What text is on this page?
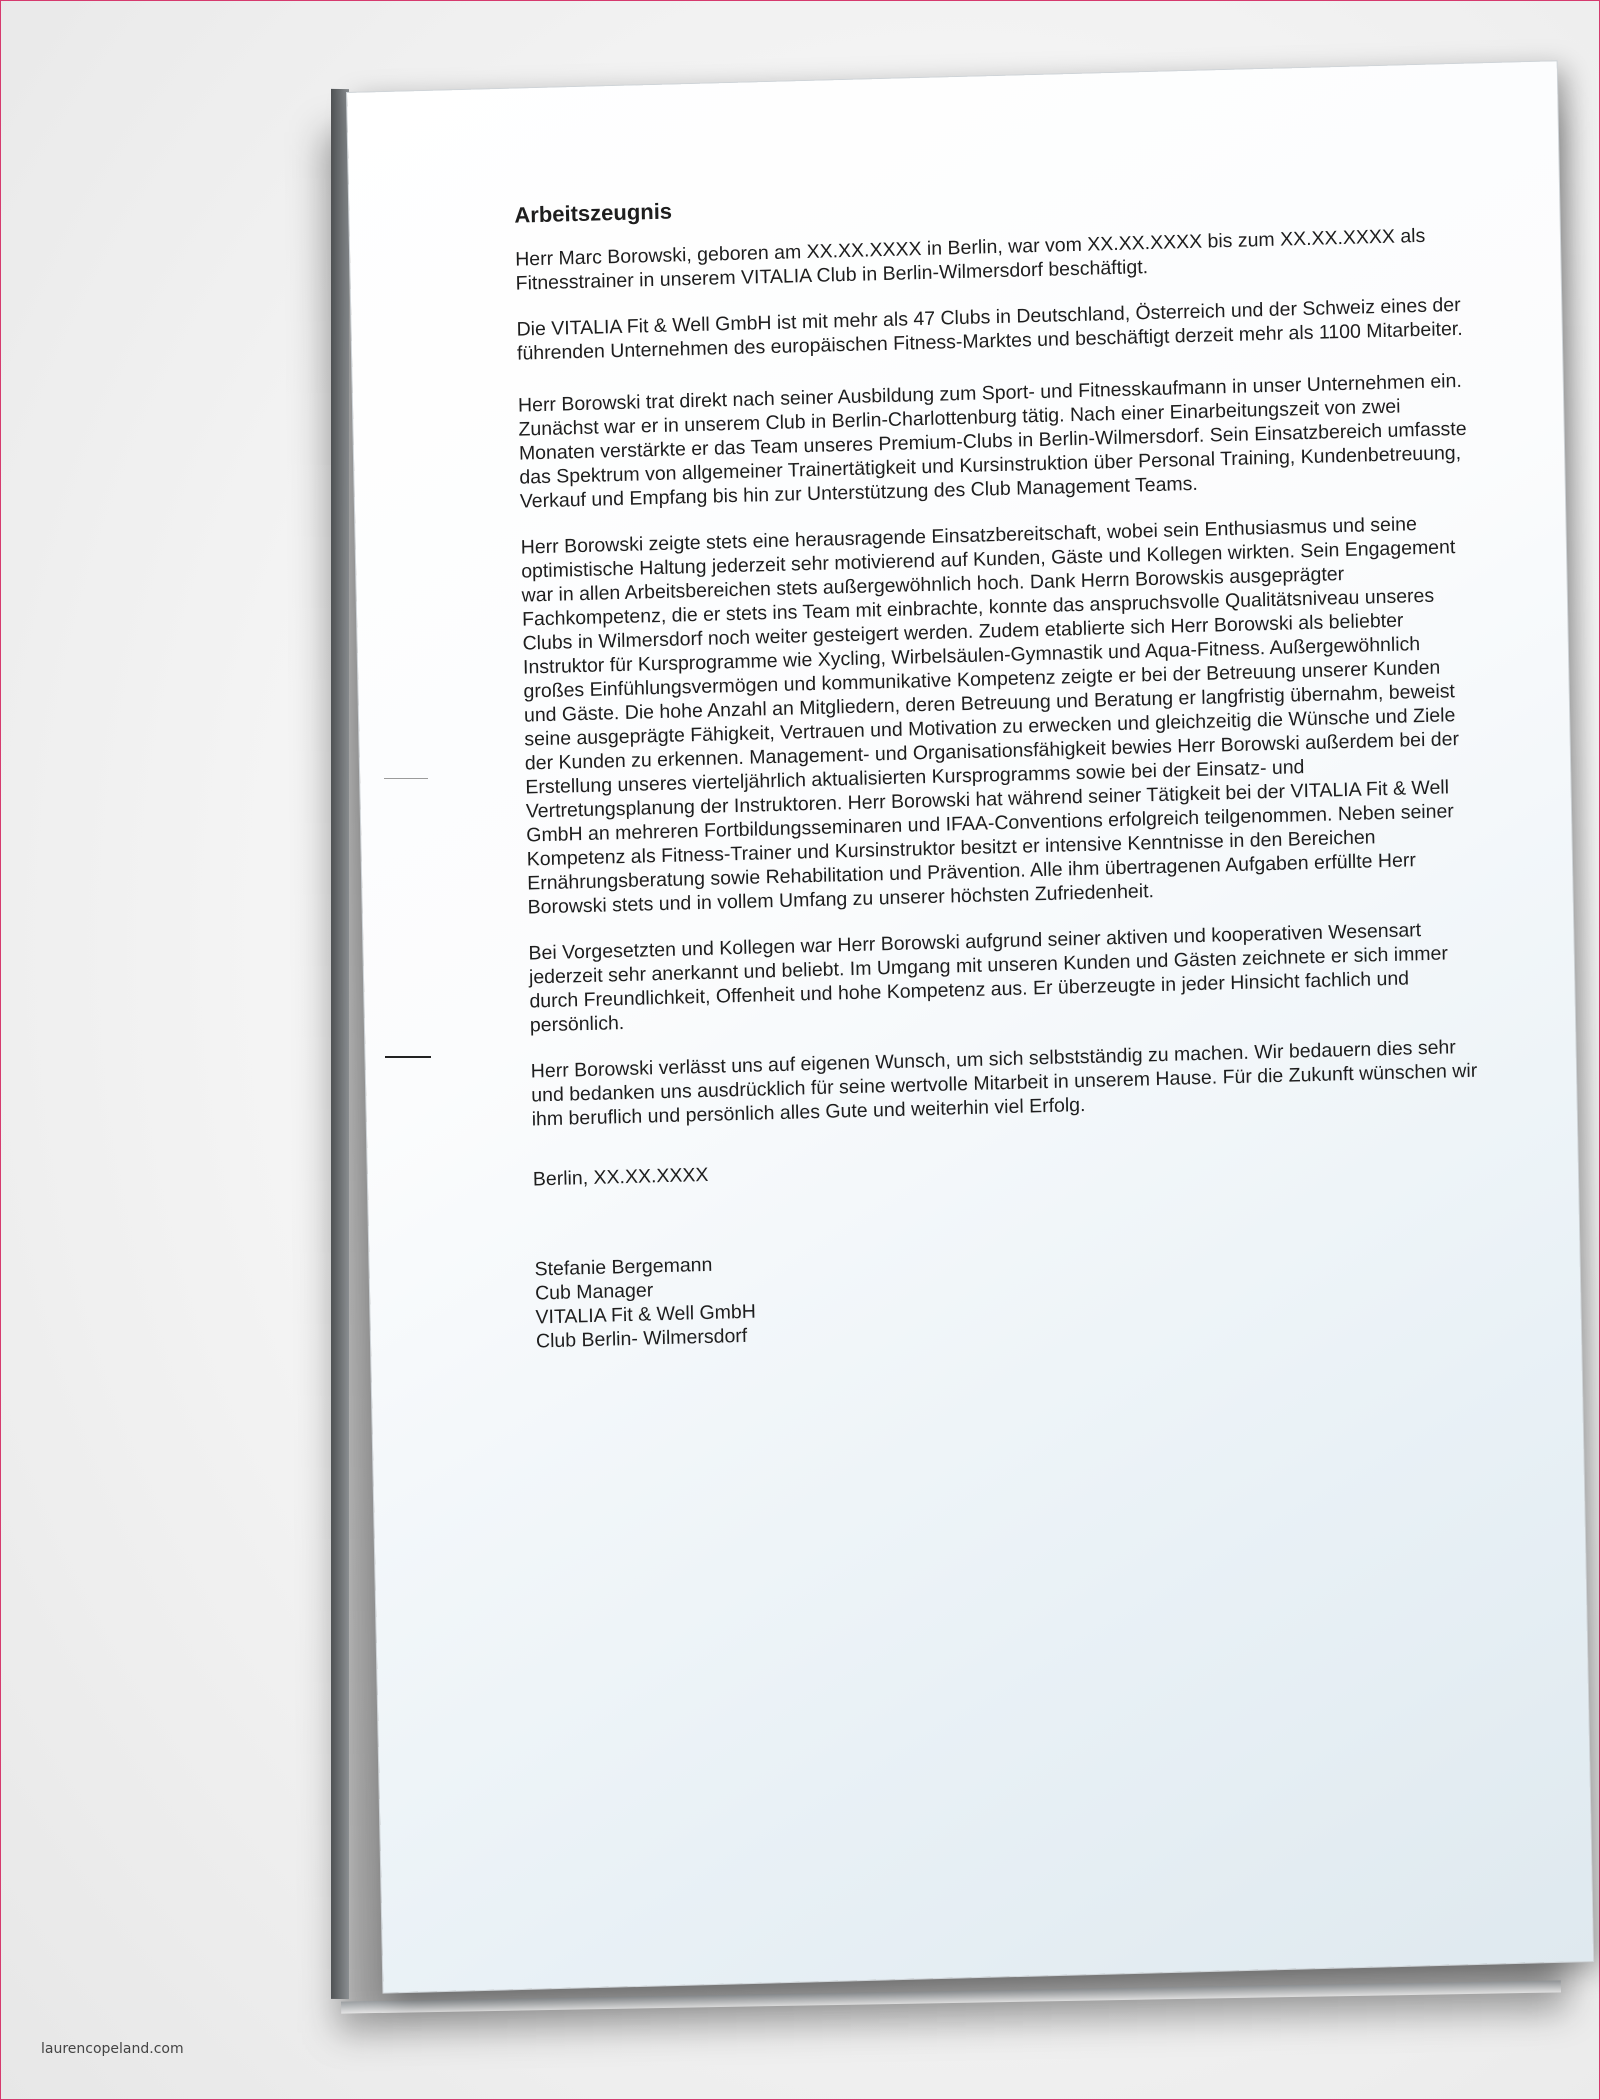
Arbeitszeugnis

Herr Marc Borowski, geboren am XX.XX.XXXX in Berlin, war vom XX.XX.XXXX bis zum XX.XX.XXXX als Fitnesstrainer in unserem VITALIA Club in Berlin-Wilmersdorf beschäftigt.

Die VITALIA Fit & Well GmbH ist mit mehr als 47 Clubs in Deutschland, Österreich und der Schweiz eines der führenden Unternehmen des europäischen Fitness-Marktes und beschäftigt derzeit mehr als 1100 Mitarbeiter.

Herr Borowski trat direkt nach seiner Ausbildung zum Sport- und Fitnesskaufmann in unser Unternehmen ein. Zunächst war er in unserem Club in Berlin-Charlottenburg tätig. Nach einer Einarbeitungszeit von zwei Monaten verstärkte er das Team unseres Premium-Clubs in Berlin-Wilmersdorf. Sein Einsatzbereich umfasste das Spektrum von allgemeiner Trainertätigkeit und Kursinstruktion über Personal Training, Kundenbetreuung, Verkauf und Empfang bis hin zur Unterstützung des Club Management Teams.

Herr Borowski zeigte stets eine herausragende Einsatzbereitschaft, wobei sein Enthusiasmus und seine optimistische Haltung jederzeit sehr motivierend auf Kunden, Gäste und Kollegen wirkten. Sein Engagement war in allen Arbeitsbereichen stets außergewöhnlich hoch. Dank Herrn Borowskis ausgeprägter Fachkompetenz, die er stets ins Team mit einbrachte, konnte das anspruchsvolle Qualitätsniveau unseres Clubs in Wilmersdorf noch weiter gesteigert werden. Zudem etablierte sich Herr Borowski als beliebter Instruktor für Kursprogramme wie Xycling, Wirbelsäulen-Gymnastik und Aqua-Fitness. Außergewöhnlich großes Einfühlungsvermögen und kommunikative Kompetenz zeigte er bei der Betreuung unserer Kunden und Gäste. Die hohe Anzahl an Mitgliedern, deren Betreuung und Beratung er langfristig übernahm, beweist seine ausgeprägte Fähigkeit, Vertrauen und Motivation zu erwecken und gleichzeitig die Wünsche und Ziele der Kunden zu erkennen. Management- und Organisationsfähigkeit bewies Herr Borowski außerdem bei der Erstellung unseres vierteljährlich aktualisierten Kursprogramms sowie bei der Einsatz- und Vertretungsplanung der Instruktoren. Herr Borowski hat während seiner Tätigkeit bei der VITALIA Fit & Well GmbH an mehreren Fortbildungsseminaren und IFAA-Conventions erfolgreich teilgenommen. Neben seiner Kompetenz als Fitness-Trainer und Kursinstruktor besitzt er intensive Kenntnisse in den Bereichen Ernährungsberatung sowie Rehabilitation und Prävention. Alle ihm übertragenen Aufgaben erfüllte Herr Borowski stets und in vollem Umfang zu unserer höchsten Zufriedenheit.

Bei Vorgesetzten und Kollegen war Herr Borowski aufgrund seiner aktiven und kooperativen Wesensart jederzeit sehr anerkannt und beliebt. Im Umgang mit unseren Kunden und Gästen zeichnete er sich immer durch Freundlichkeit, Offenheit und hohe Kompetenz aus. Er überzeugte in jeder Hinsicht fachlich und persönlich.

Herr Borowski verlässt uns auf eigenen Wunsch, um sich selbstständig zu machen. Wir bedauern dies sehr und bedanken uns ausdrücklich für seine wertvolle Mitarbeit in unserem Hause. Für die Zukunft wünschen wir ihm beruflich und persönlich alles Gute und weiterhin viel Erfolg.

Berlin, XX.XX.XXXX

Stefanie Bergemann

Cub Manager

VITALIA Fit & Well GmbH

Club Berlin- Wilmersdorf

laurencopeland.com
